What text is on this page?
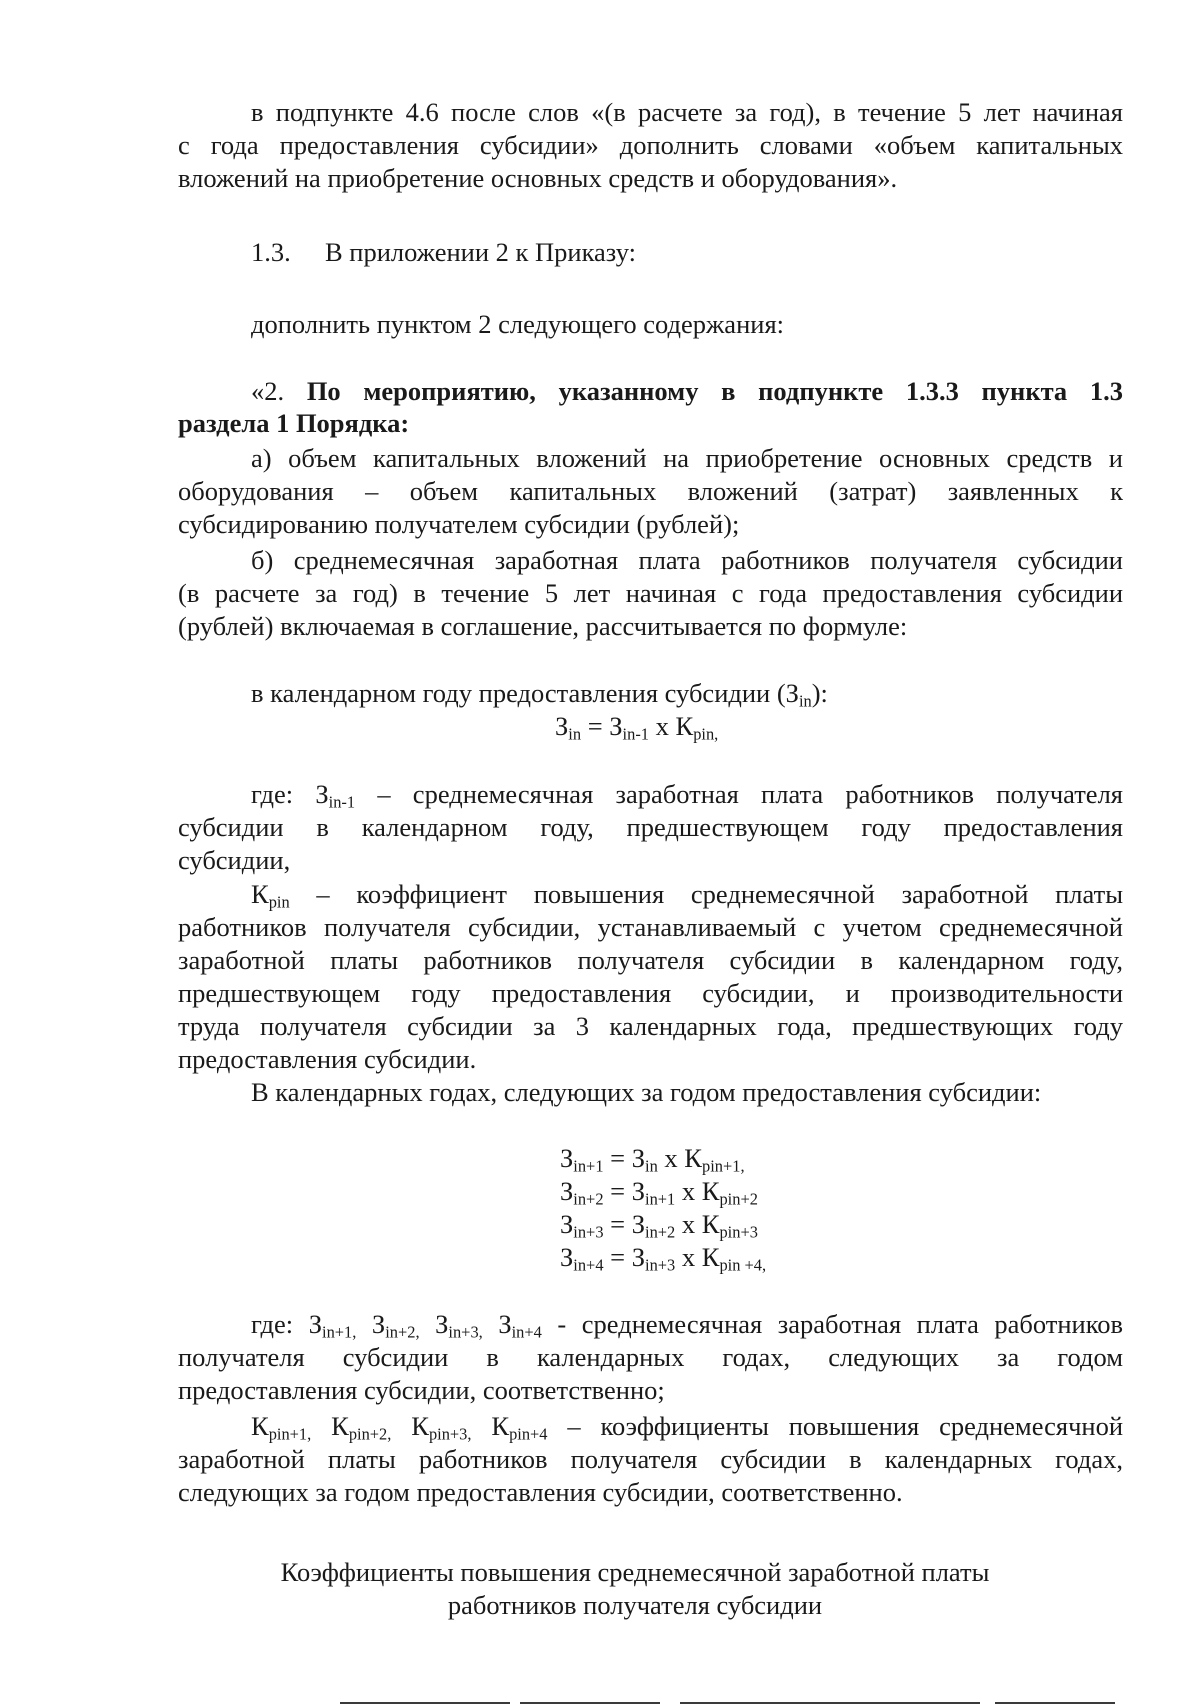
в подпункте 4.6 после слов «(в расчете за год), в течение 5 лет начиная
с года предоставления субсидии» дополнить словами «объем капитальных
вложений на приобретение основных средств и оборудования».
1.3. В приложении 2 к Приказу:
дополнить пунктом 2 следующего содержания:
«2. По мероприятию, указанному в подпункте 1.3.3 пункта 1.3
раздела 1 Порядка:
а) объем капитальных вложений на приобретение основных средств и
оборудования – объем капитальных вложений (затрат) заявленных к
субсидированию получателем субсидии (рублей);
б) среднемесячная заработная плата работников получателя субсидии
(в расчете за год) в течение 5 лет начиная с года предоставления субсидии
(рублей) включаемая в соглашение, рассчитывается по формуле:
в календарном году предоставления субсидии $(З_{in})$:
$З_{in} = З_{in-1}$ x $К_{pin,}$
где: $З_{in-1}$ – среднемесячная заработная плата работников получателя
субсидии в календарном году, предшествующем году предоставления
субсидии,
$К_{pin}$ – коэффициент повышения среднемесячной заработной платы
работников получателя субсидии, устанавливаемый с учетом среднемесячной
заработной платы работников получателя субсидии в календарном году,
предшествующем году предоставления субсидии, и производительности
труда получателя субсидии за 3 календарных года, предшествующих году
предоставления субсидии.
В календарных годах, следующих за годом предоставления субсидии:
$З_{in+1} = З_{in}$ x $К_{pin+1,}$
$З_{in+2} = З_{in+1}$ x $К_{pin+2}$
$З_{in+3} = З_{in+2}$ x $К_{pin+3}$
$З_{in+4} = З_{in+3}$ x $К_{pin +4,}$
где: $З_{in+1,}$ $З_{in+2,}$ $З_{in+3,}$ $З_{in+4}$ - среднемесячная заработная плата работников
получателя субсидии в календарных годах, следующих за годом
предоставления субсидии, соответственно;
$К_{pin+1,}$ $К_{pin+2,}$ $К_{pin+3,}$ $К_{pin+4}$ – коэффициенты повышения среднемесячной
заработной платы работников получателя субсидии в календарных годах,
следующих за годом предоставления субсидии, соответственно.
Коэффициенты повышения среднемесячной заработной платы
работников получателя субсидии
